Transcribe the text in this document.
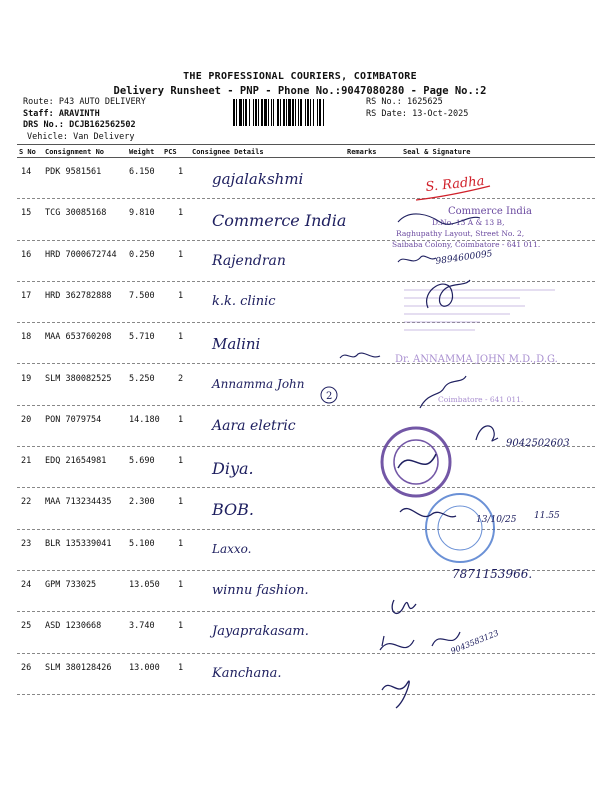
THE PROFESSIONAL COURIERS, COIMBATORE
Delivery Runsheet - PNP - Phone No.:9047080280 - Page No.:2
Route: P43 AUTO DELIVERY
Staff: ARAVINTH
DRS No.: DCJB162562502
Vehicle: Van Delivery
RS No.: 1625625
RS Date: 13-Oct-2025
S No Consignment No	Weight PCS Consignee Details	Remarks	Seal & Signature
14 PDK 9581561	6.150	1 gajalakshmi
15 TCG 30085168	9.810	1 Commerce India
16 HRD 7000672744 0.250	1 Rajendran
17 HRD 362782888 7.500	1 k.k. clinic
18 MAA 653760208 5.710	1 Malini
19 SLM 380082525 5.250	2 Annamma John
20 PON 7079754	14.180 1 Aara eletric
21 EDQ 21654981	5.690	1 Diya.
22 MAA 713234435 2.300	1 BOB.
23 BLR 135339041 5.100	1 Laxxo.
24 GPM 733025	13.050 1 winnu fashion.
25 ASD 1230668	3.740	1 Jayaprakasam.
26 SLM 380128426 13.000 1 Kanchana.
S. Radha
Commerce India
D.No. 13 A & 13 B,
Raghupathy Layout, Street No. 2,
Saibaba Colony, Coimbatore - 641 011.
9894600095
Dr. ANNAMMA JOHN M.D.,D.G.
Coimbatore - 641 011.
2
9042502603
13/10/25 11.55
7871153966.
9043583123
